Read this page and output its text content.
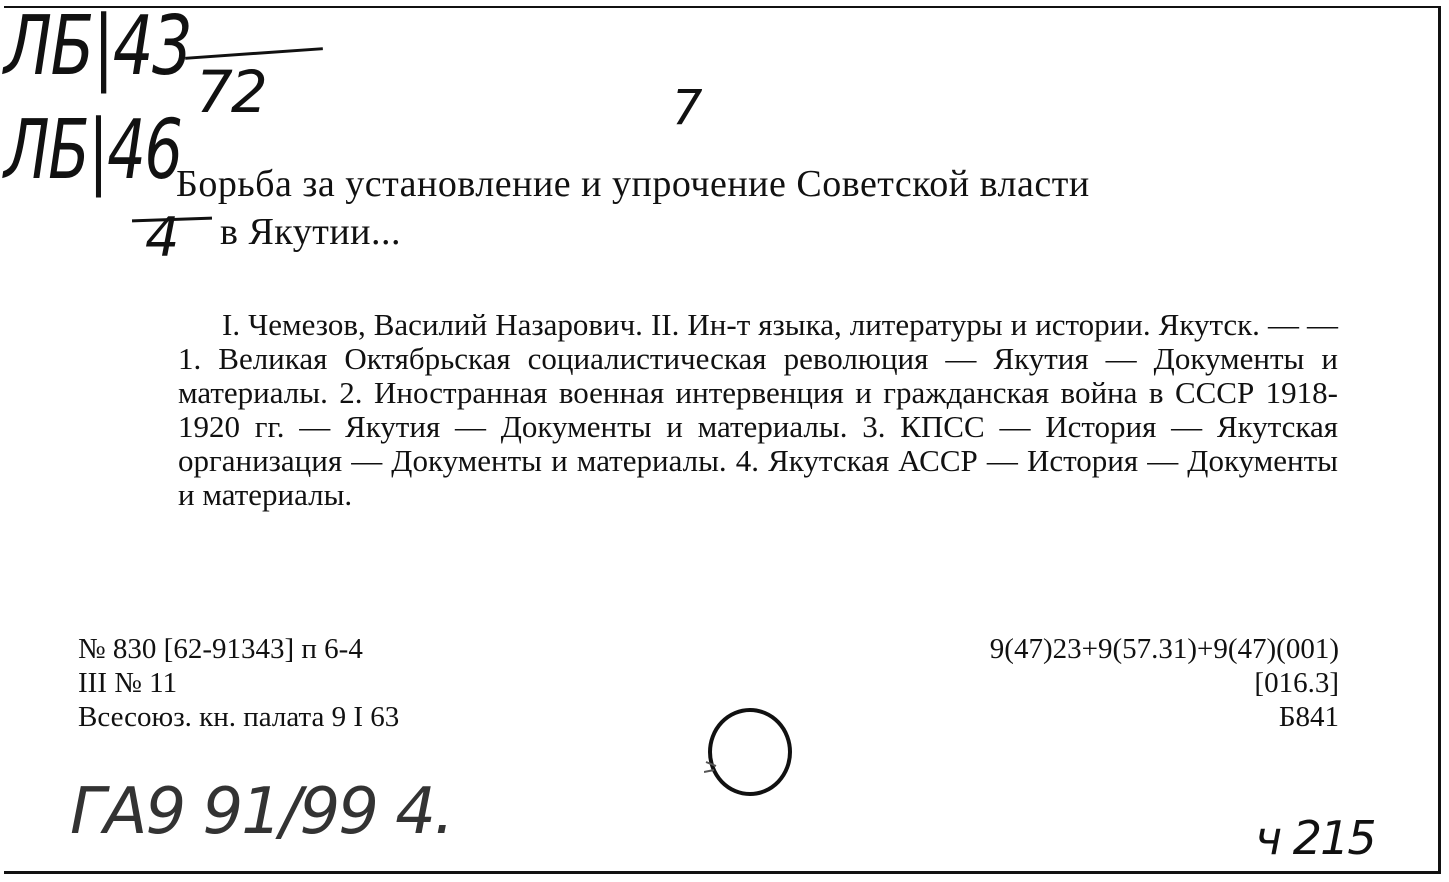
ЛБ|43 72
ЛБ|46
4
7
Борьба за установление и упрочение Советской власти
в Якутии...
I. Чемезов, Василий Назарович. II. Ин-т языка, литературы и истории. Якутск. — — 1. Великая Октябрьская социалистическая революция — Якутия — Документы и материалы. 2. Иностранная военная интервенция и гражданская война в СССР 1918-1920 гг. — Якутия — Документы и материалы. 3. КПСС — История — Якутская организация — Документы и материалы. 4. Якутская АССР — История — Документы и материалы.
№ 830 [62-91343] п 6-4
III № 11
Всесоюз. кн. палата 9 I 63
9(47)23+9(57.31)+9(47)(001)
[016.3]
Б841
ГА9 91/99 4.	ч 215
